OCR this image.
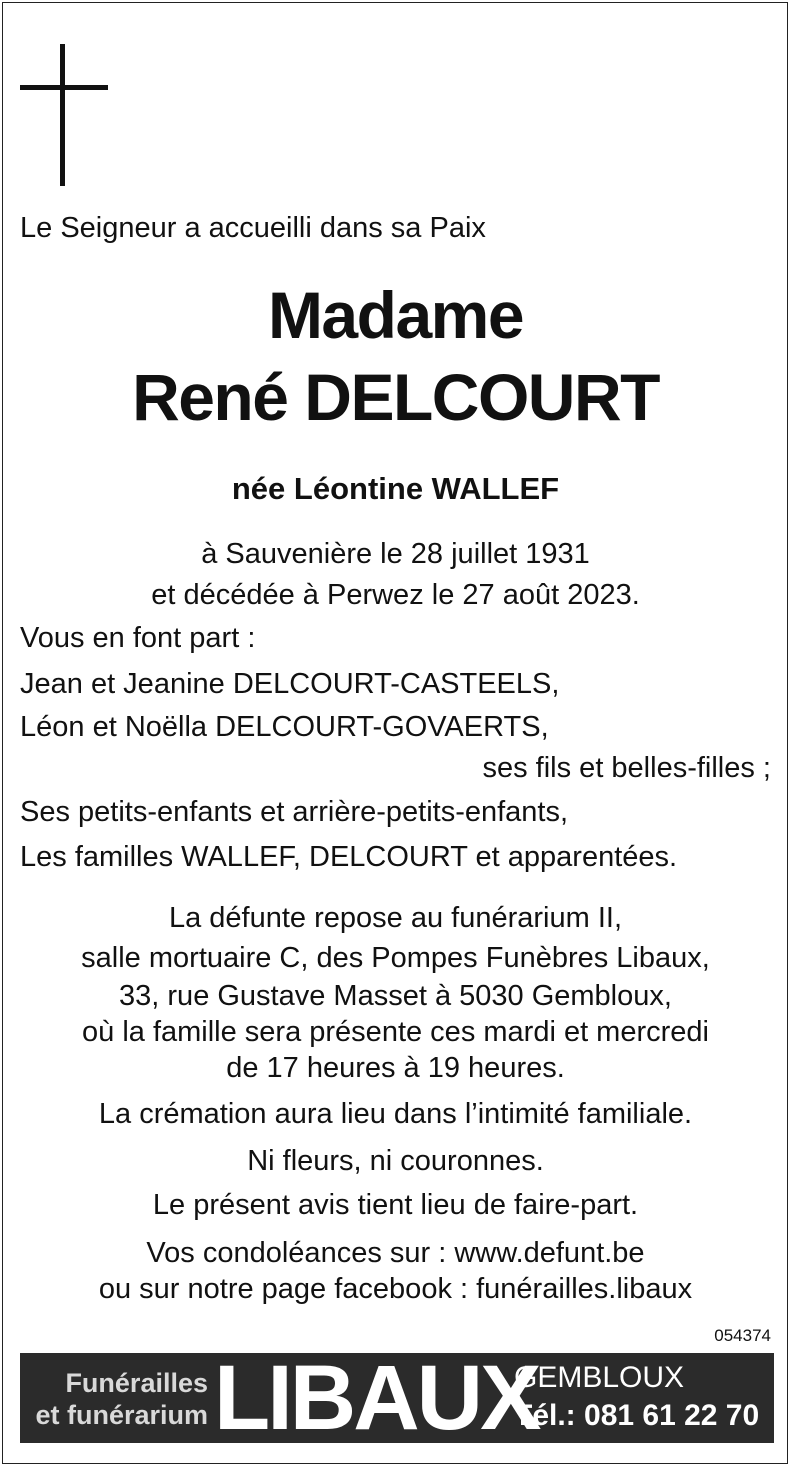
Le Seigneur a accueilli dans sa Paix
Madame
René DELCOURT
née Léontine WALLEF
à Sauvenière le 28 juillet 1931
et décédée à Perwez le 27 août 2023.
Vous en font part :
Jean et Jeanine DELCOURT-CASTEELS,
Léon et Noëlla DELCOURT-GOVAERTS,
ses fils et belles-filles ;
Ses petits-enfants et arrière-petits-enfants,
Les familles WALLEF, DELCOURT et apparentées.
La défunte repose au funérarium II,
salle mortuaire C, des Pompes Funèbres Libaux,
33, rue Gustave Masset à 5030 Gembloux,
où la famille sera présente ces mardi et mercredi
de 17 heures à 19 heures.
La crémation aura lieu dans l’intimité familiale.
Ni fleurs, ni couronnes.
Le présent avis tient lieu de faire-part.
Vos condoléances sur : www.defunt.be
ou sur notre page facebook : funérailles.libaux
054374
Funérailles
et funérarium LIBAUX
GEMBLOUX
Tél.: 081 61 22 70
